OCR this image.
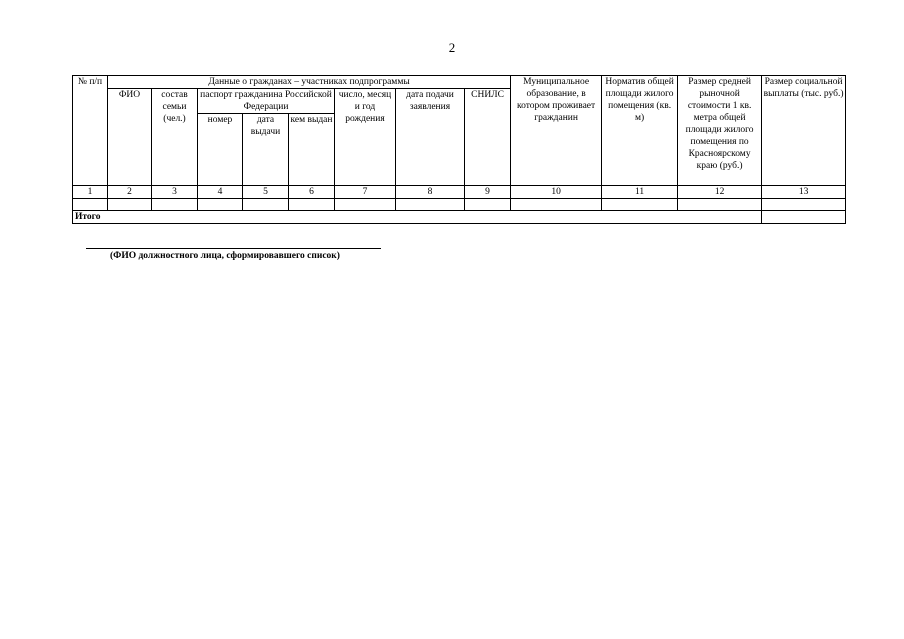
2
№ п/п	Данные о гражданах – участниках подпрограммы								Муниципальное образование, в котором проживает гражданин	Норматив общей площади жилого помещения (кв. м)	Размер средней рыночной стоимости 1 кв. метра общей площади жилого помещения по Красноярскому краю (руб.)	Размер социальной выплаты (тыс. руб.)
	ФИО	состав семьи (чел.)	паспорт гражданина Российской Федерации			число, месяц и год рождения	дата подачи заявления	СНИЛС				
			номер	дата выдачи	кем выдан							
1	2	3	4	5	6	7	8	9	10	11	12	13

Итого												
(ФИО должностного лица, сформировавшего список)
